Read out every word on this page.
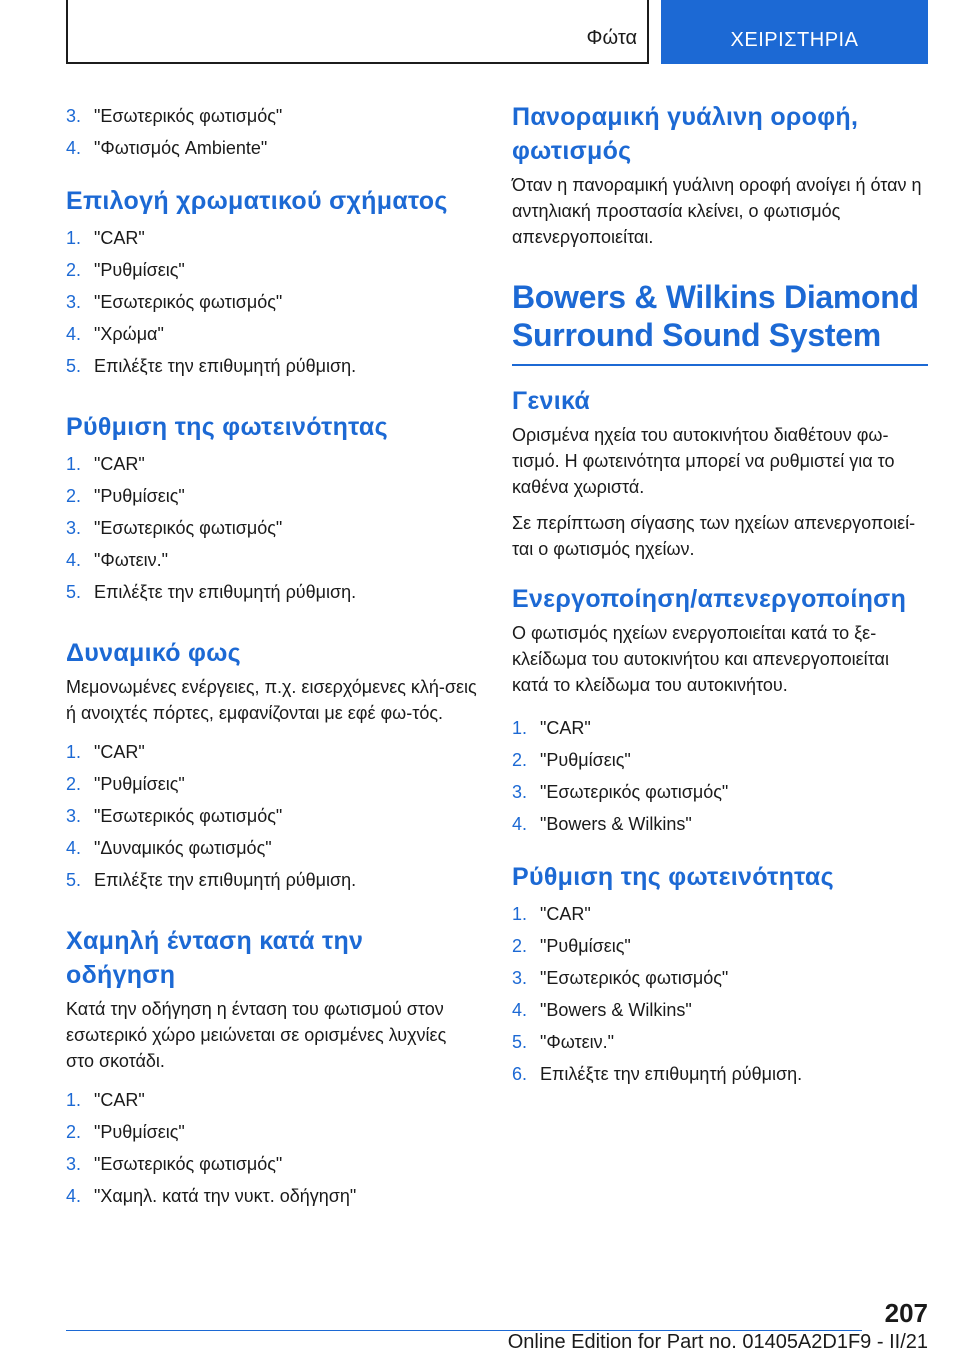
Φώτα	ΧΕΙΡΙΣΤΗΡΙΑ
3. "Εσωτερικός φωτισμός"
4. "Φωτισμός Ambiente"
Επιλογή χρωματικού σχήματος
1. "CAR"
2. "Ρυθμίσεις"
3. "Εσωτερικός φωτισμός"
4. "Χρώμα"
5. Επιλέξτε την επιθυμητή ρύθμιση.
Ρύθμιση της φωτεινότητας
1. "CAR"
2. "Ρυθμίσεις"
3. "Εσωτερικός φωτισμός"
4. "Φωτειν."
5. Επιλέξτε την επιθυμητή ρύθμιση.
Δυναμικό φως

Μεμονωμένες ενέργειες, π.χ. εισερχόμενες κλή-σεις ή ανοιχτές πόρτες, εμφανίζονται με εφέ φω-τός.

1. "CAR"
2. "Ρυθμίσεις"
3. "Εσωτερικός φωτισμός"
4. "Δυναμικός φωτισμός"
5. Επιλέξτε την επιθυμητή ρύθμιση.
Χαμηλή ένταση κατά την
οδήγηση

Κατά την οδήγηση η ένταση του φωτισμού στον εσωτερικό χώρο μειώνεται σε ορισμένες λυχνίες στο σκοτάδι.

1. "CAR"
2. "Ρυθμίσεις"
3. "Εσωτερικός φωτισμός"
4. "Χαμηλ. κατά την νυκτ. οδήγηση"
Πανοραμική γυάλινη οροφή,
φωτισμός

Όταν η πανοραμική γυάλινη οροφή ανοίγει ή όταν η αντηλιακή προστασία κλείνει, ο φωτισμός απενεργοποιείται.

Bowers & Wilkins Diamond
Surround Sound System
Γενικά

Ορισμένα ηχεία του αυτοκινήτου διαθέτουν φω-τισμό. Η φωτεινότητα μπορεί να ρυθμιστεί για το καθένα χωριστά.

Σε περίπτωση σίγασης των ηχείων απενεργοποιεί-ται ο φωτισμός ηχείων.

Ενεργοποίηση/απενεργοποίηση

Ο φωτισμός ηχείων ενεργοποιείται κατά το ξε-κλείδωμα του αυτοκινήτου και απενεργοποιείται κατά το κλείδωμα του αυτοκινήτου.

1. "CAR"
2. "Ρυθμίσεις"
3. "Εσωτερικός φωτισμός"
4. "Bowers & Wilkins"
Ρύθμιση της φωτεινότητας
1. "CAR"
2. "Ρυθμίσεις"
3. "Εσωτερικός φωτισμός"
4. "Bowers & Wilkins"
5. "Φωτειν."
6. Επιλέξτε την επιθυμητή ρύθμιση.
207
Online Edition for Part no. 01405A2D1F9 - II/21
